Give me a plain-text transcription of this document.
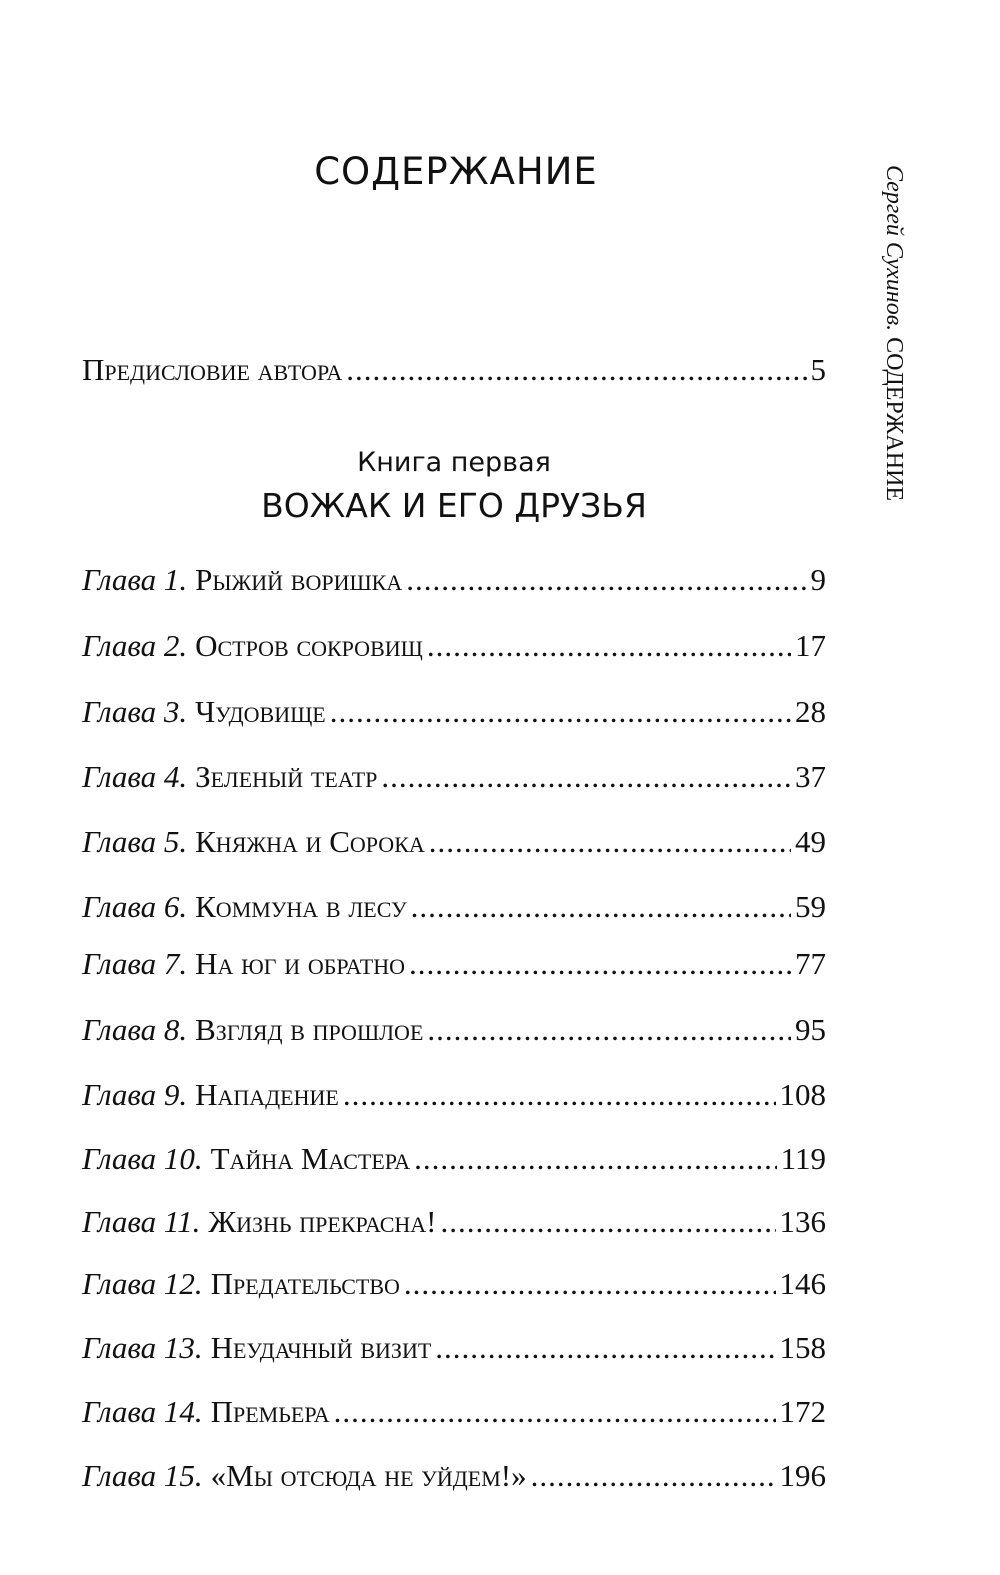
СОДЕРЖАНИЕ	Сергей Сухинов. СОДЕРЖАНИЕ
Предисловие автора .....	5
Книга первая
ВОЖАК И ЕГО ДРУЗЬЯ
Глава 1. Рыжий воришка .....	9
Глава 2. Остров сокровищ .....	17
Глава 3. Чудовище .....	28
Глава 4. Зеленый театр .....	37
Глава 5. Княжна и Сорока .....	49
Глава 6. Коммуна в лесу .....	59
Глава 7. На юг и обратно .....	77
Глава 8. Взгляд в прошлое .....	95
Глава 9. Нападение .....	108
Глава 10. Тайна Мастера .....	119
Глава 11. Жизнь прекрасна! .....	136
Глава 12. Предательство .....	146
Глава 13. Неудачный визит .....	158
Глава 14. Премьера .....	172
Глава 15. «Мы отсюда не уйдем!» .....	196
